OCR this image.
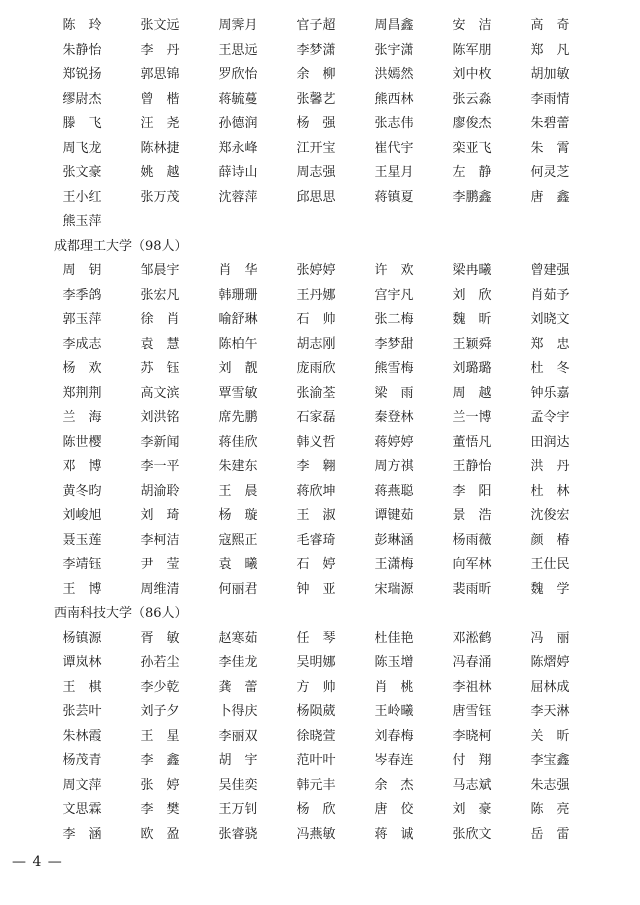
陈　玲	张文远	周霁月	官子超	周昌鑫	安　洁	高　奇
朱静怡	李　丹	王思远	李梦潇	张宇潇	陈军朋	郑　凡
郑锐扬	郭思锦	罗欣怡	余　柳	洪嫣然	刘中枚	胡加敏
缪尉杰	曾　楷	蒋毓蔓	张馨艺	熊西林	张云淼	李雨情
滕　飞	汪　尧	孙德润	杨　强	张志伟	廖俊杰	朱碧蕾
周飞龙	陈林捷	郑永峰	江开宝	崔代宇	栾亚飞	朱　霄
张文豪	姚　越	薛诗山	周志强	王星月	左　静	何灵芝
王小红	张万茂	沈蓉萍	邱思思	蒋镇夏	李鹏鑫	唐　鑫
熊玉萍
成都理工大学（98人）
周　钥	邹晨宇	肖　华	张婷婷	许　欢	梁冉曦	曾建强
李季鸽	张宏凡	韩珊珊	王丹娜	宫宇凡	刘　欣	肖茹予
郭玉萍	徐　肖	喻舒琳	石　帅	张二梅	魏　昕	刘晓文
李成志	袁　慧	陈柏午	胡志刚	李梦甜	王颖舜	郑　忠
杨　欢	苏　钰	刘　靓	庞雨欣	熊雪梅	刘璐璐	杜　冬
郑荆荆	高文滨	覃雪敏	张渝荃	梁　雨	周　越	钟乐嘉
兰　海	刘洪铭	席先鹏	石家磊	秦登林	兰一博	孟令宇
陈世樱	李新闻	蒋佳欣	韩义哲	蒋婷婷	董悟凡	田润达
邓　博	李一平	朱建东	李　翱	周方祺	王静怡	洪　丹
黄冬昀	胡渝聆	王　晨	蒋欣坤	蒋燕聪	李　阳	杜　林
刘峻旭	刘　琦	杨　璇	王　淑	谭键茹	景　浩	沈俊宏
聂玉莲	李柯洁	寇熙正	毛睿琦	彭琳涵	杨雨薇	颜　椿
李靖钰	尹　莹	袁　曦	石　婷	王潇梅	向军林	王仕民
王　博	周维清	何丽君	钟　亚	宋瑞源	裴雨昕	魏　学
西南科技大学（86人）
杨镇源	胥　敏	赵寒茹	任　琴	杜佳艳	邓淞鹤	冯　丽
谭岚林	孙若尘	李佳龙	吴明娜	陈玉增	冯春涌	陈熠婷
王　棋	李少乾	龚　蕾	方　帅	肖　桃	李祖林	屈林成
张芸叶	刘子夕	卜得庆	杨陨葳	王岭曦	唐雪钰	李天淋
朱林霞	王　星	李丽双	徐晓萱	刘春梅	李晓柯	关　昕
杨茂青	李　鑫	胡　宇	范叶叶	岑春连	付　翔	李宝鑫
周文萍	张　婷	吴佳奕	韩元丰	余　杰	马志斌	朱志强
文思霖	李　樊	王万钊	杨　欣	唐　佼	刘　豪	陈　亮
李　涵	欧　盈	张睿骁	冯燕敏	蒋　诚	张欣文	岳　雷
— 4 —
